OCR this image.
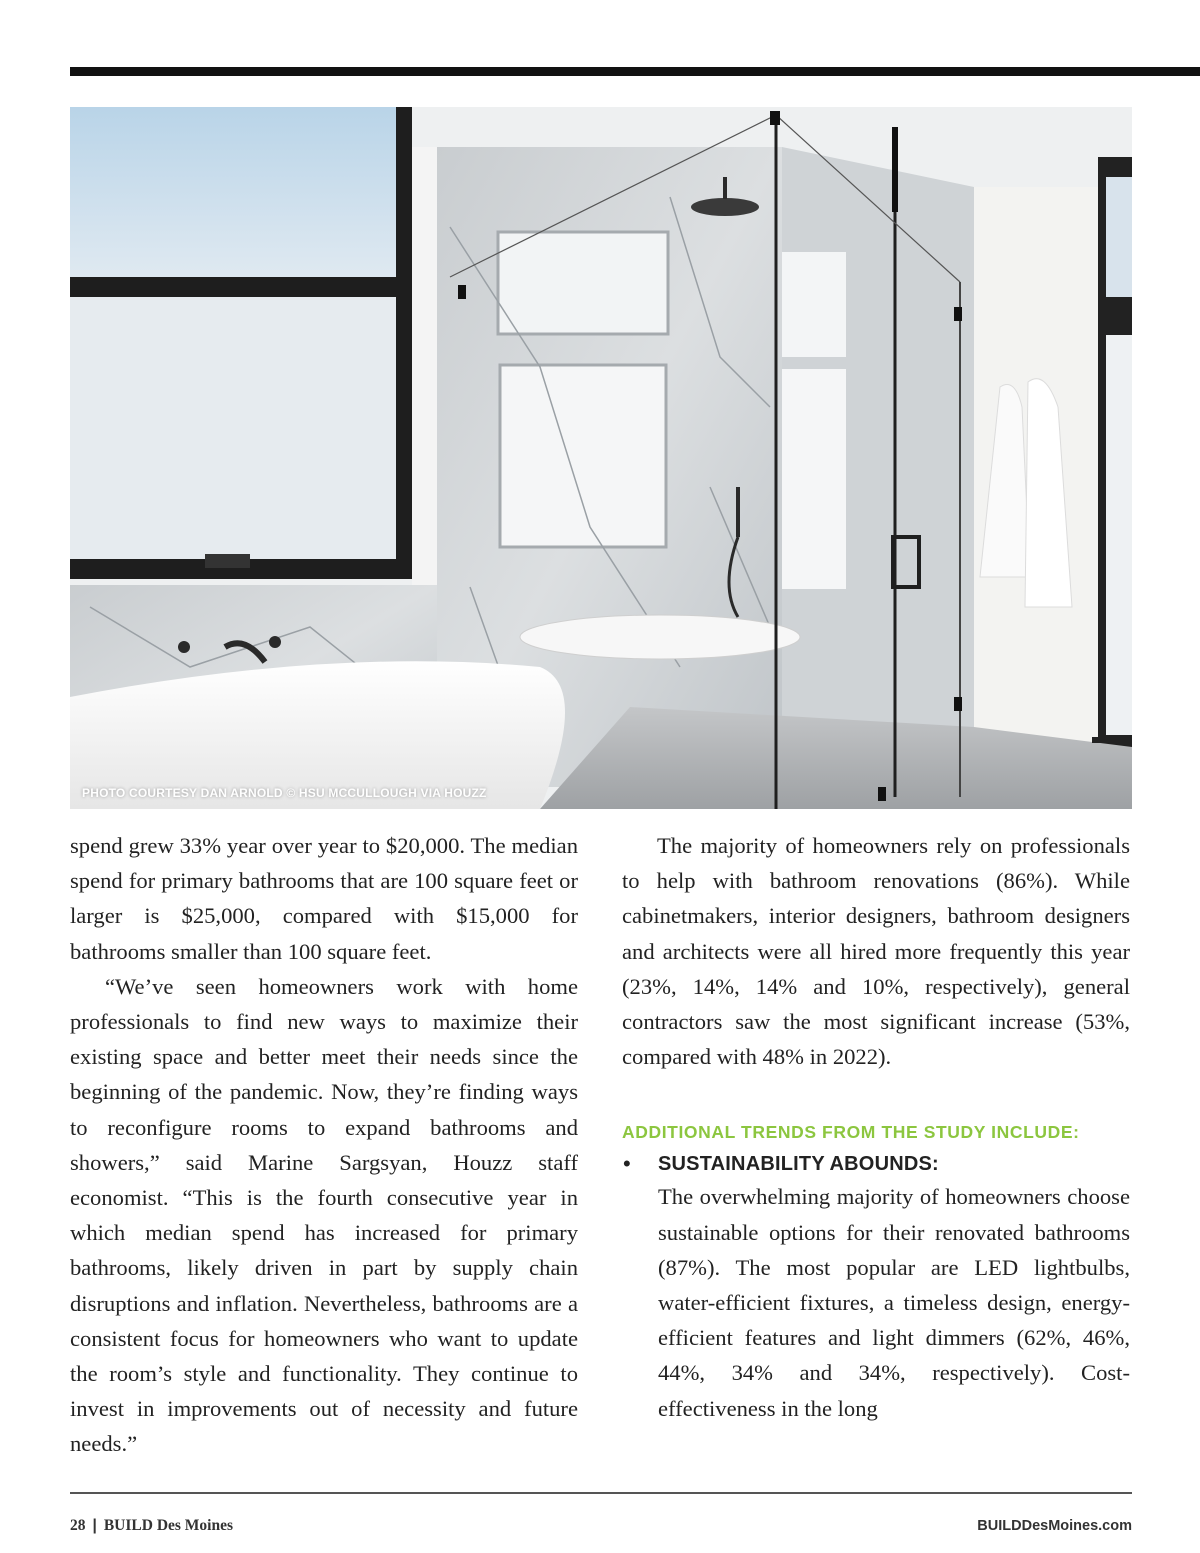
PHOTO COURTESY DAN ARNOLD © HSU MCCULLOUGH VIA HOUZZ

spend grew 33% year over year to $20,000. The median spend for primary bathrooms that are 100 square feet or larger is $25,000, compared with $15,000 for bathrooms smaller than 100 square feet.

“We’ve seen homeowners work with home professionals to find new ways to maximize their existing space and better meet their needs since the beginning of the pandemic. Now, they’re finding ways to reconfigure rooms to expand bathrooms and showers,” said Marine Sargsyan, Houzz staff economist. “This is the fourth consecutive year in which median spend has increased for primary bathrooms, likely driven in part by supply chain disruptions and inflation. Nevertheless, bathrooms are a consistent focus for homeowners who want to update the room’s style and functionality. They continue to invest in improvements out of necessity and future needs.”

The majority of homeowners rely on professionals to help with bathroom renovations (86%). While cabinetmakers, interior designers, bathroom designers and architects were all hired more frequently this year (23%, 14%, 14% and 10%, respectively), general contractors saw the most significant increase (53%, compared with 48% in 2022).

ADDITIONAL TRENDS FROM THE STUDY INCLUDE:

• SUSTAINABILITY ABOUNDS:

The overwhelming majority of homeowners choose sustainable options for their renovated bathrooms (87%). The most popular are LED lightbulbs, water-efficient fixtures, a timeless design, energy-efficient features and light dimmers (62%, 46%, 44%, 34% and 34%, respectively). Cost-effectiveness in the long

28 | BUILD Des Moines	BUILDDesMoines.com
